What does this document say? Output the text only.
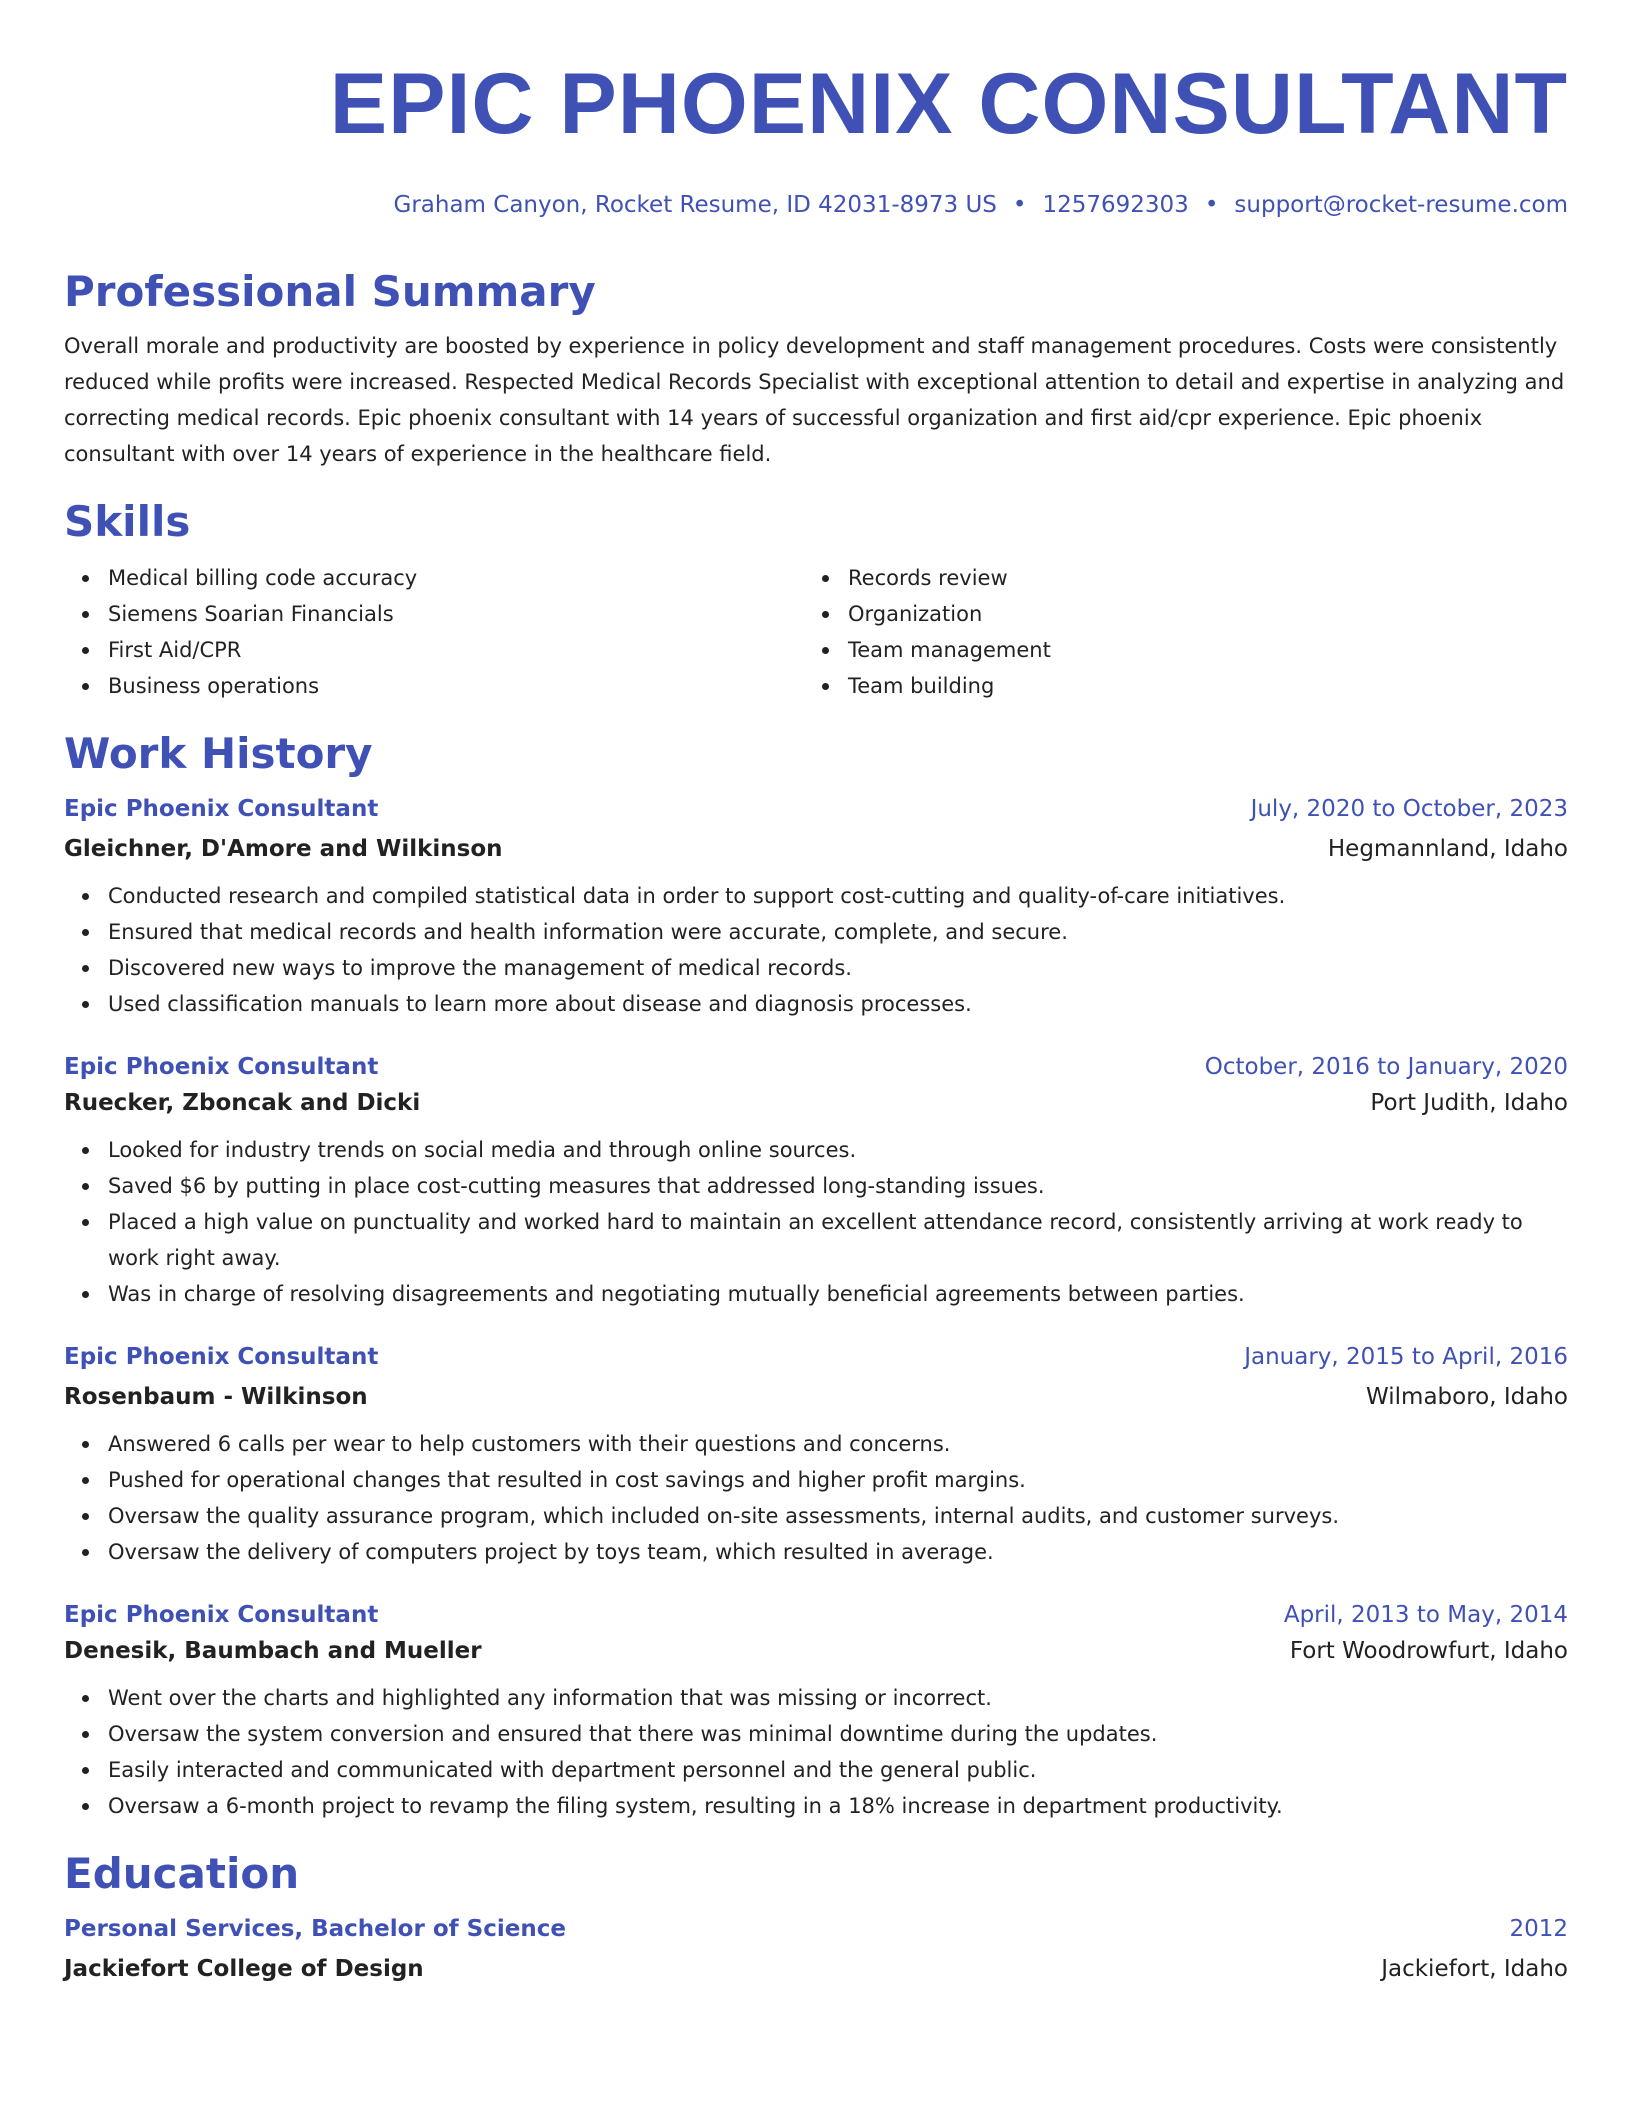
EPIC PHOENIX CONSULTANT
Graham Canyon, Rocket Resume, ID 42031-8973 US • 1257692303 • support@rocket-resume.com
Professional Summary
Overall morale and productivity are boosted by experience in policy development and staff management procedures. Costs were consistently reduced while profits were increased. Respected Medical Records Specialist with exceptional attention to detail and expertise in analyzing and correcting medical records. Epic phoenix consultant with 14 years of successful organization and first aid/cpr experience. Epic phoenix consultant with over 14 years of experience in the healthcare field.
Skills
Medical billing code accuracy
Siemens Soarian Financials
First Aid/CPR
Business operations
Records review
Organization
Team management
Team building
Work History
Epic Phoenix Consultant	July, 2020 to October, 2023
Gleichner, D'Amore and Wilkinson	Hegmannland, Idaho
Conducted research and compiled statistical data in order to support cost-cutting and quality-of-care initiatives.
Ensured that medical records and health information were accurate, complete, and secure.
Discovered new ways to improve the management of medical records.
Used classification manuals to learn more about disease and diagnosis processes.
Epic Phoenix Consultant	October, 2016 to January, 2020
Ruecker, Zboncak and Dicki	Port Judith, Idaho
Looked for industry trends on social media and through online sources.
Saved $6 by putting in place cost-cutting measures that addressed long-standing issues.
Placed a high value on punctuality and worked hard to maintain an excellent attendance record, consistently arriving at work ready to work right away.
Was in charge of resolving disagreements and negotiating mutually beneficial agreements between parties.
Epic Phoenix Consultant	January, 2015 to April, 2016
Rosenbaum - Wilkinson	Wilmaboro, Idaho
Answered 6 calls per wear to help customers with their questions and concerns.
Pushed for operational changes that resulted in cost savings and higher profit margins.
Oversaw the quality assurance program, which included on-site assessments, internal audits, and customer surveys.
Oversaw the delivery of computers project by toys team, which resulted in average.
Epic Phoenix Consultant	April, 2013 to May, 2014
Denesik, Baumbach and Mueller	Fort Woodrowfurt, Idaho
Went over the charts and highlighted any information that was missing or incorrect.
Oversaw the system conversion and ensured that there was minimal downtime during the updates.
Easily interacted and communicated with department personnel and the general public.
Oversaw a 6-month project to revamp the filing system, resulting in a 18% increase in department productivity.
Education
Personal Services, Bachelor of Science	2012
Jackiefort College of Design	Jackiefort, Idaho
